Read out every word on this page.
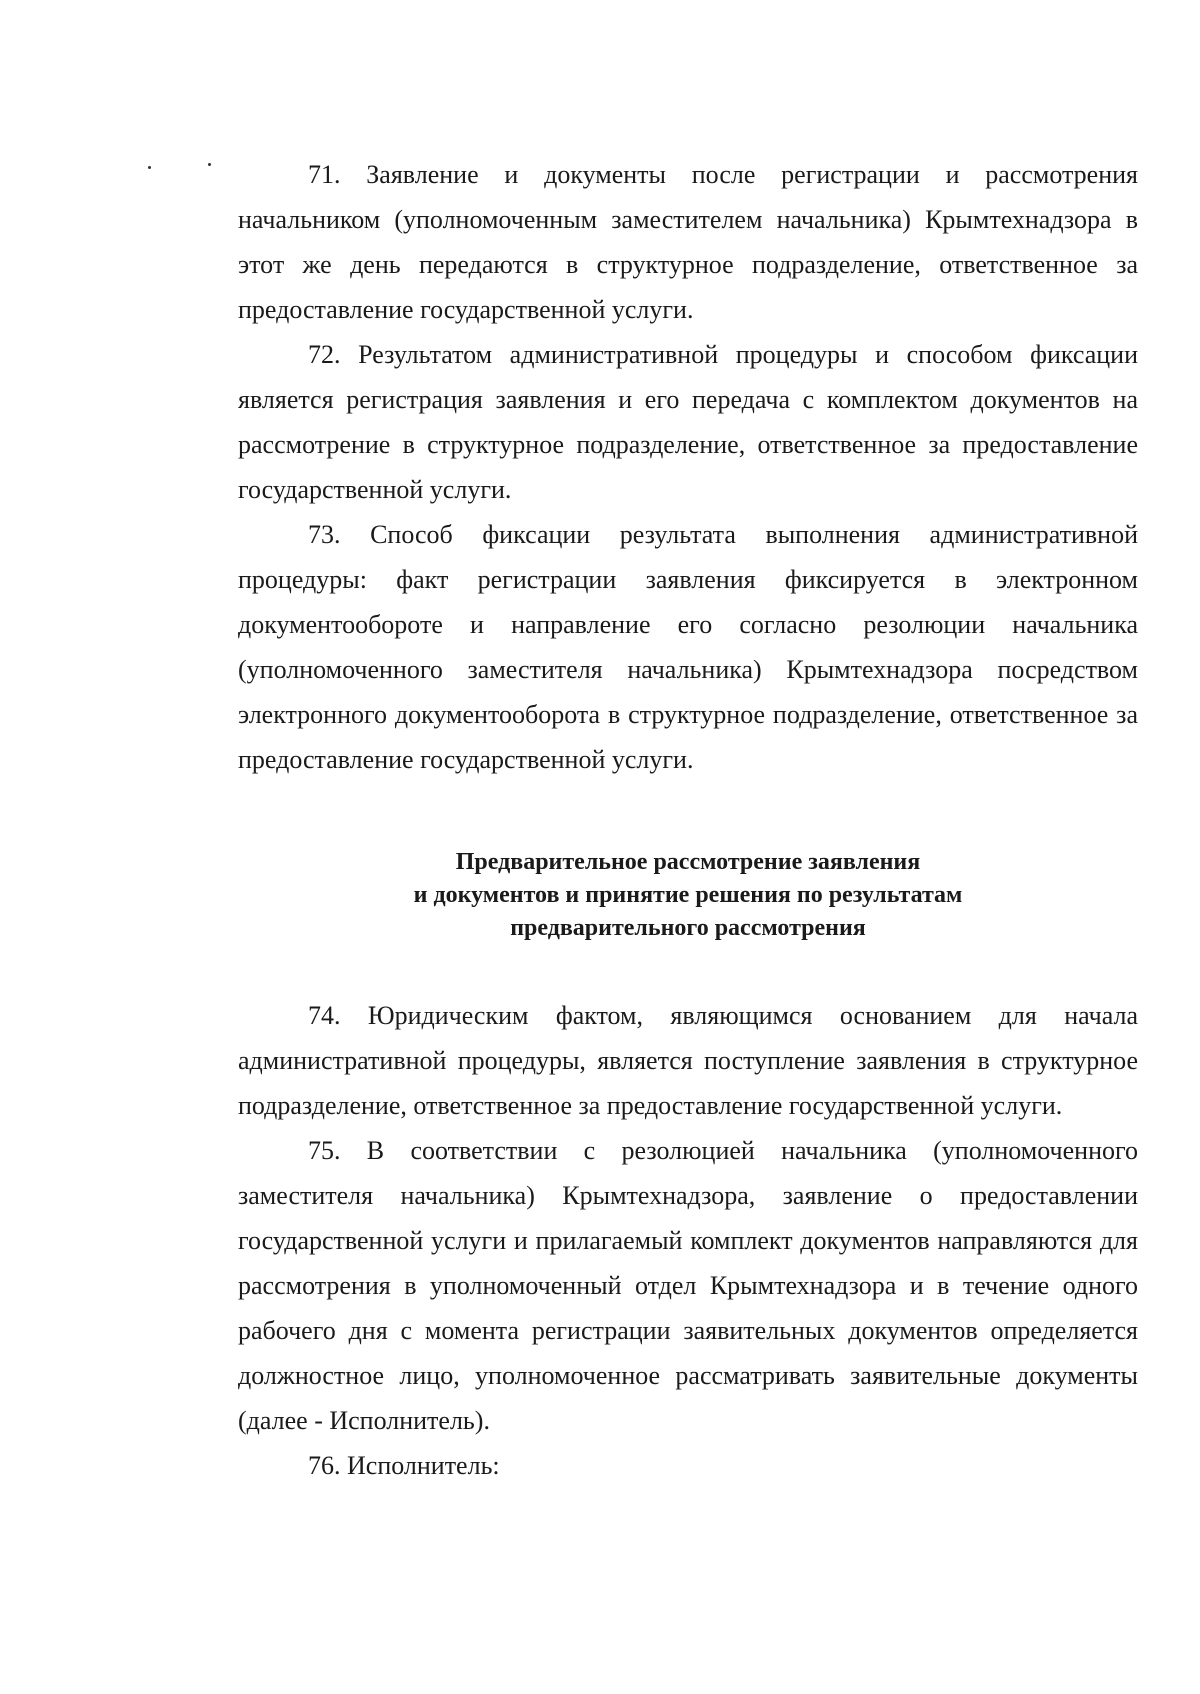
71. Заявление и документы после регистрации и рассмотрения начальником (уполномоченным заместителем начальника) Крымтехнадзора в этот же день передаются в структурное подразделение, ответственное за предоставление государственной услуги.

72. Результатом административной процедуры и способом фиксации является регистрация заявления и его передача с комплектом документов на рассмотрение в структурное подразделение, ответственное за предоставление государственной услуги.

73. Способ фиксации результата выполнения административной процедуры: факт регистрации заявления фиксируется в электронном документообороте и направление его согласно резолюции начальника (уполномоченного заместителя начальника) Крымтехнадзора посредством электронного документооборота в структурное подразделение, ответственное за предоставление государственной услуги.

Предварительное рассмотрение заявления
и документов и принятие решения по результатам
предварительного рассмотрения

74. Юридическим фактом, являющимся основанием для начала административной процедуры, является поступление заявления в структурное подразделение, ответственное за предоставление государственной услуги.

75. В соответствии с резолюцией начальника (уполномоченного заместителя начальника) Крымтехнадзора, заявление о предоставлении государственной услуги и прилагаемый комплект документов направляются для рассмотрения в уполномоченный отдел Крымтехнадзора и в течение одного рабочего дня с момента регистрации заявительных документов определяется должностное лицо, уполномоченное рассматривать заявительные документы (далее - Исполнитель).

76. Исполнитель:
